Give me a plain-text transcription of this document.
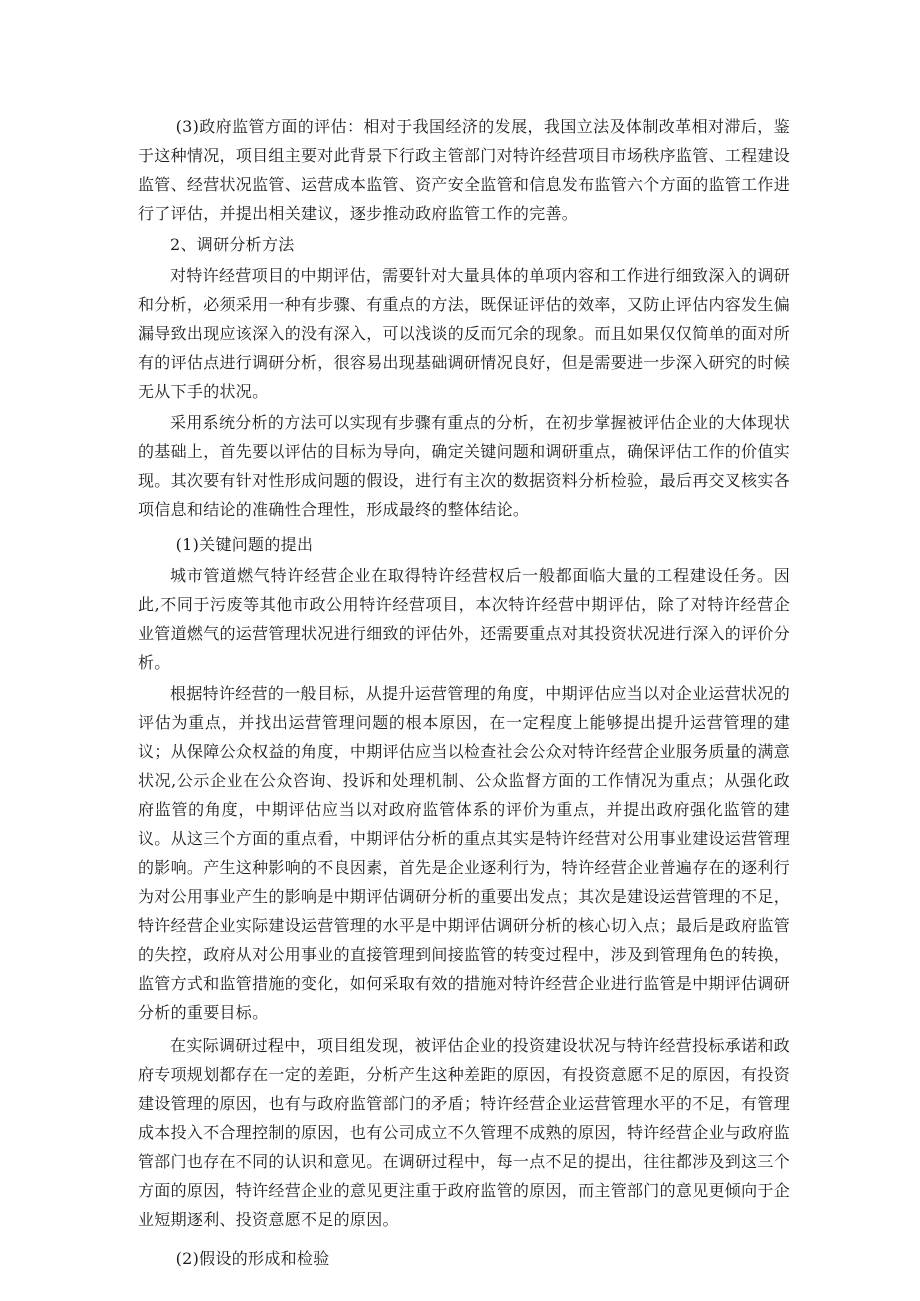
(3)政府监管方面的评估：相对于我国经济的发展，我国立法及体制改革相对滞后，鉴于这种情况，项目组主要对此背景下行政主管部门对特许经营项目市场秩序监管、工程建设监管、经营状况监管、运营成本监管、资产安全监管和信息发布监管六个方面的监管工作进行了评估，并提出相关建议，逐步推动政府监管工作的完善。

2、调研分析方法

对特许经营项目的中期评估，需要针对大量具体的单项内容和工作进行细致深入的调研和分析，必须采用一种有步骤、有重点的方法，既保证评估的效率，又防止评估内容发生偏漏导致出现应该深入的没有深入，可以浅谈的反而冗余的现象。而且如果仅仅简单的面对所有的评估点进行调研分析，很容易出现基础调研情况良好，但是需要进一步深入研究的时候无从下手的状况。

采用系统分析的方法可以实现有步骤有重点的分析，在初步掌握被评估企业的大体现状的基础上，首先要以评估的目标为导向，确定关键问题和调研重点，确保评估工作的价值实现。其次要有针对性形成问题的假设，进行有主次的数据资料分析检验，最后再交叉核实各项信息和结论的准确性合理性，形成最终的整体结论。

(1)关键问题的提出

城市管道燃气特许经营企业在取得特许经营权后一般都面临大量的工程建设任务。因此,不同于污废等其他市政公用特许经营项目，本次特许经营中期评估，除了对特许经营企业管道燃气的运营管理状况进行细致的评估外，还需要重点对其投资状况进行深入的评价分析。

根据特许经营的一般目标，从提升运营管理的角度，中期评估应当以对企业运营状况的评估为重点，并找出运营管理问题的根本原因，在一定程度上能够提出提升运营管理的建议；从保障公众权益的角度，中期评估应当以检查社会公众对特许经营企业服务质量的满意状况,公示企业在公众咨询、投诉和处理机制、公众监督方面的工作情况为重点；从强化政府监管的角度，中期评估应当以对政府监管体系的评价为重点，并提出政府强化监管的建议。从这三个方面的重点看，中期评估分析的重点其实是特许经营对公用事业建设运营管理的影响。产生这种影响的不良因素，首先是企业逐利行为，特许经营企业普遍存在的逐利行为对公用事业产生的影响是中期评估调研分析的重要出发点；其次是建设运营管理的不足，特许经营企业实际建设运营管理的水平是中期评估调研分析的核心切入点；最后是政府监管的失控，政府从对公用事业的直接管理到间接监管的转变过程中，涉及到管理角色的转换，监管方式和监管措施的变化，如何采取有效的措施对特许经营企业进行监管是中期评估调研分析的重要目标。

在实际调研过程中，项目组发现，被评估企业的投资建设状况与特许经营投标承诺和政府专项规划都存在一定的差距，分析产生这种差距的原因，有投资意愿不足的原因，有投资建设管理的原因，也有与政府监管部门的矛盾；特许经营企业运营管理水平的不足，有管理成本投入不合理控制的原因，也有公司成立不久管理不成熟的原因，特许经营企业与政府监管部门也存在不同的认识和意见。在调研过程中，每一点不足的提出，往往都涉及到这三个方面的原因，特许经营企业的意见更注重于政府监管的原因，而主管部门的意见更倾向于企业短期逐利、投资意愿不足的原因。

(2)假设的形成和检验
